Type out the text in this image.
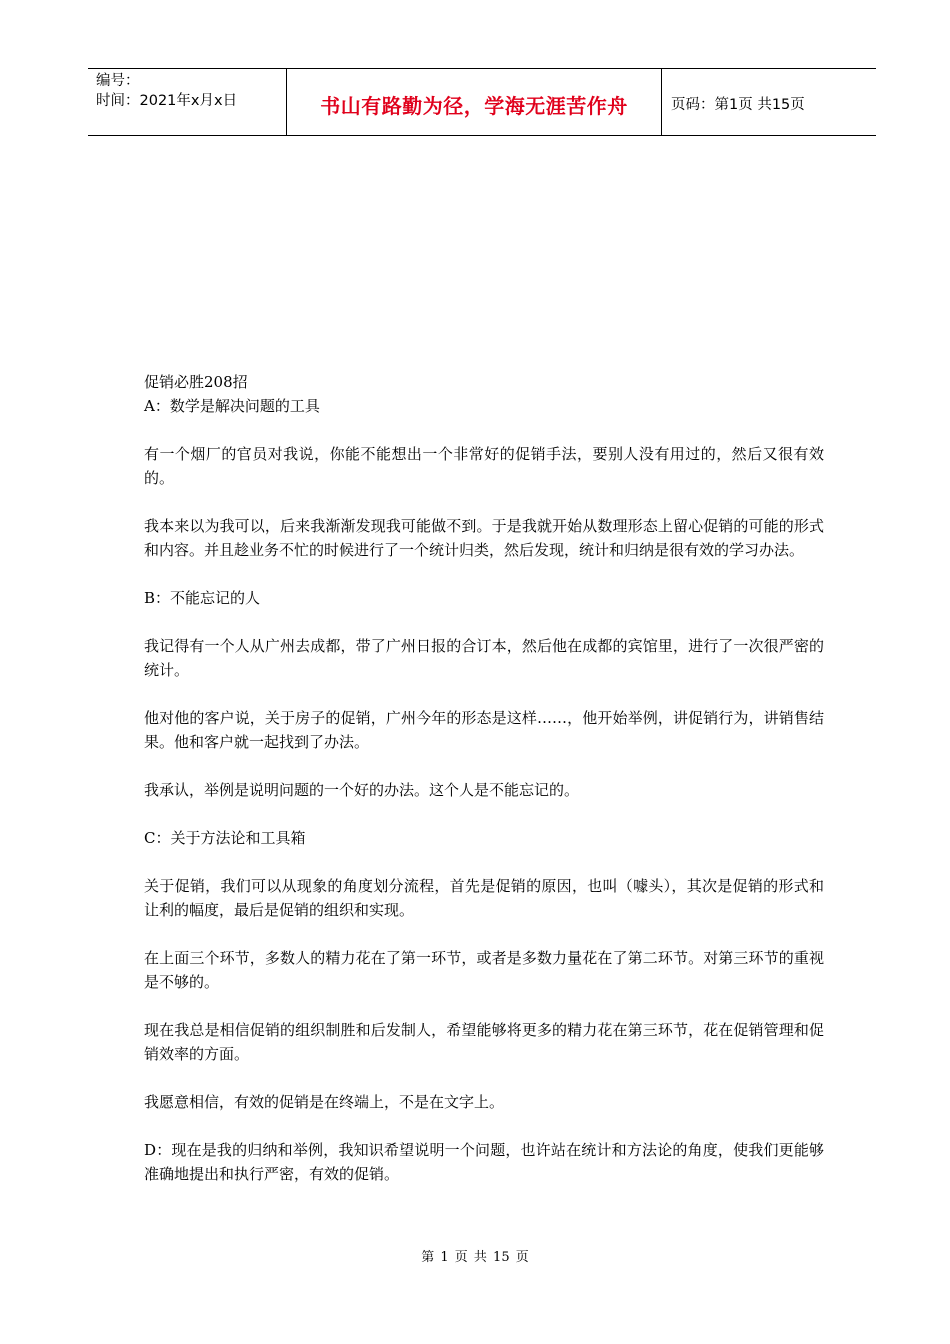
编号：
时间：2021年x月x日	书山有路勤为径，学海无涯苦作舟	页码：第1页 共15页

促销必胜208招

A：数学是解决问题的工具

有一个烟厂的官员对我说，你能不能想出一个非常好的促销手法，要别人没有用过的，然后又很有效的。

我本来以为我可以，后来我渐渐发现我可能做不到。于是我就开始从数理形态上留心促销的可能的形式和内容。并且趁业务不忙的时候进行了一个统计归类，然后发现，统计和归纳是很有效的学习办法。

B：不能忘记的人

我记得有一个人从广州去成都，带了广州日报的合订本，然后他在成都的宾馆里，进行了一次很严密的统计。

他对他的客户说，关于房子的促销，广州今年的形态是这样……，他开始举例，讲促销行为，讲销售结果。他和客户就一起找到了办法。

我承认，举例是说明问题的一个好的办法。这个人是不能忘记的。

C：关于方法论和工具箱

关于促销，我们可以从现象的角度划分流程，首先是促销的原因，也叫（噱头），其次是促销的形式和让利的幅度，最后是促销的组织和实现。

在上面三个环节，多数人的精力花在了第一环节，或者是多数力量花在了第二环节。对第三环节的重视是不够的。

现在我总是相信促销的组织制胜和后发制人，希望能够将更多的精力花在第三环节，花在促销管理和促销效率的方面。

我愿意相信，有效的促销是在终端上，不是在文字上。

D：现在是我的归纳和举例，我知识希望说明一个问题，也许站在统计和方法论的角度，使我们更能够准确地提出和执行严密，有效的促销。

第 1 页 共 15 页
